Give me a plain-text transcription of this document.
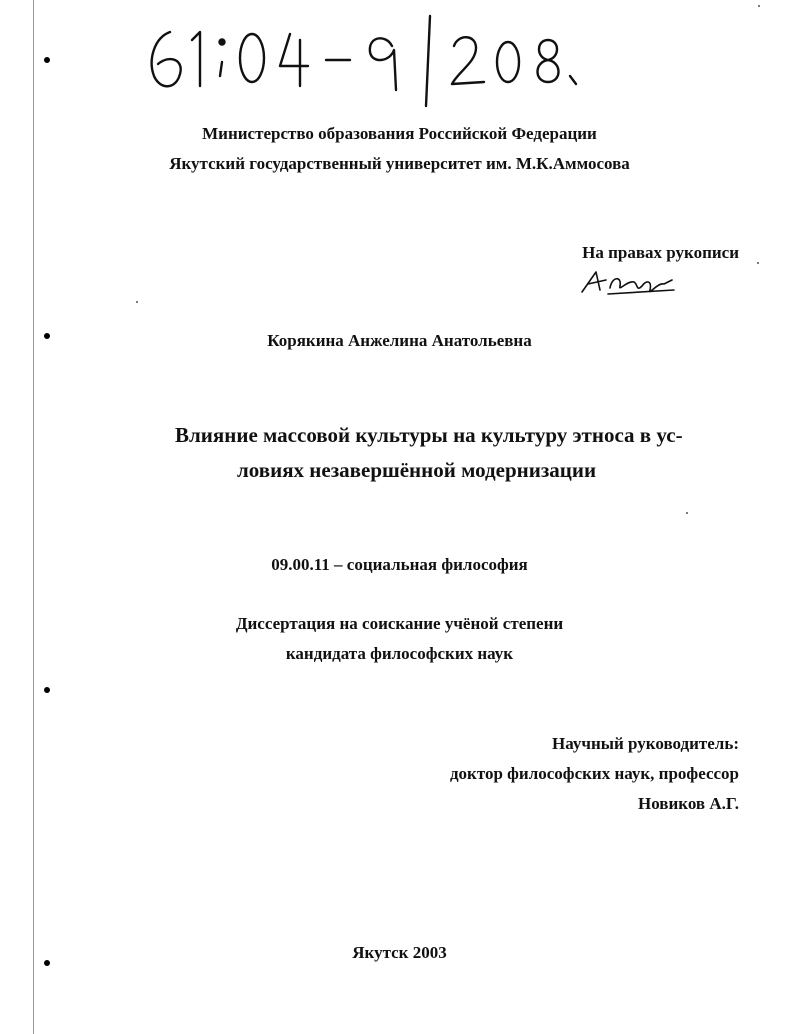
Министерство образования Российской Федерации
Якутский государственный университет им. М.К.Аммосова
На правах рукописи
Корякина Анжелина Анатольевна
Влияние массовой культуры на культуру этноса в ус-
ловиях незавершённой модернизации
09.00.11 – социальная философия
Диссертация на соискание учёной степени
кандидата философских наук
Научный руководитель:
доктор философских наук, профессор
Новиков А.Г.
Якутск 2003
